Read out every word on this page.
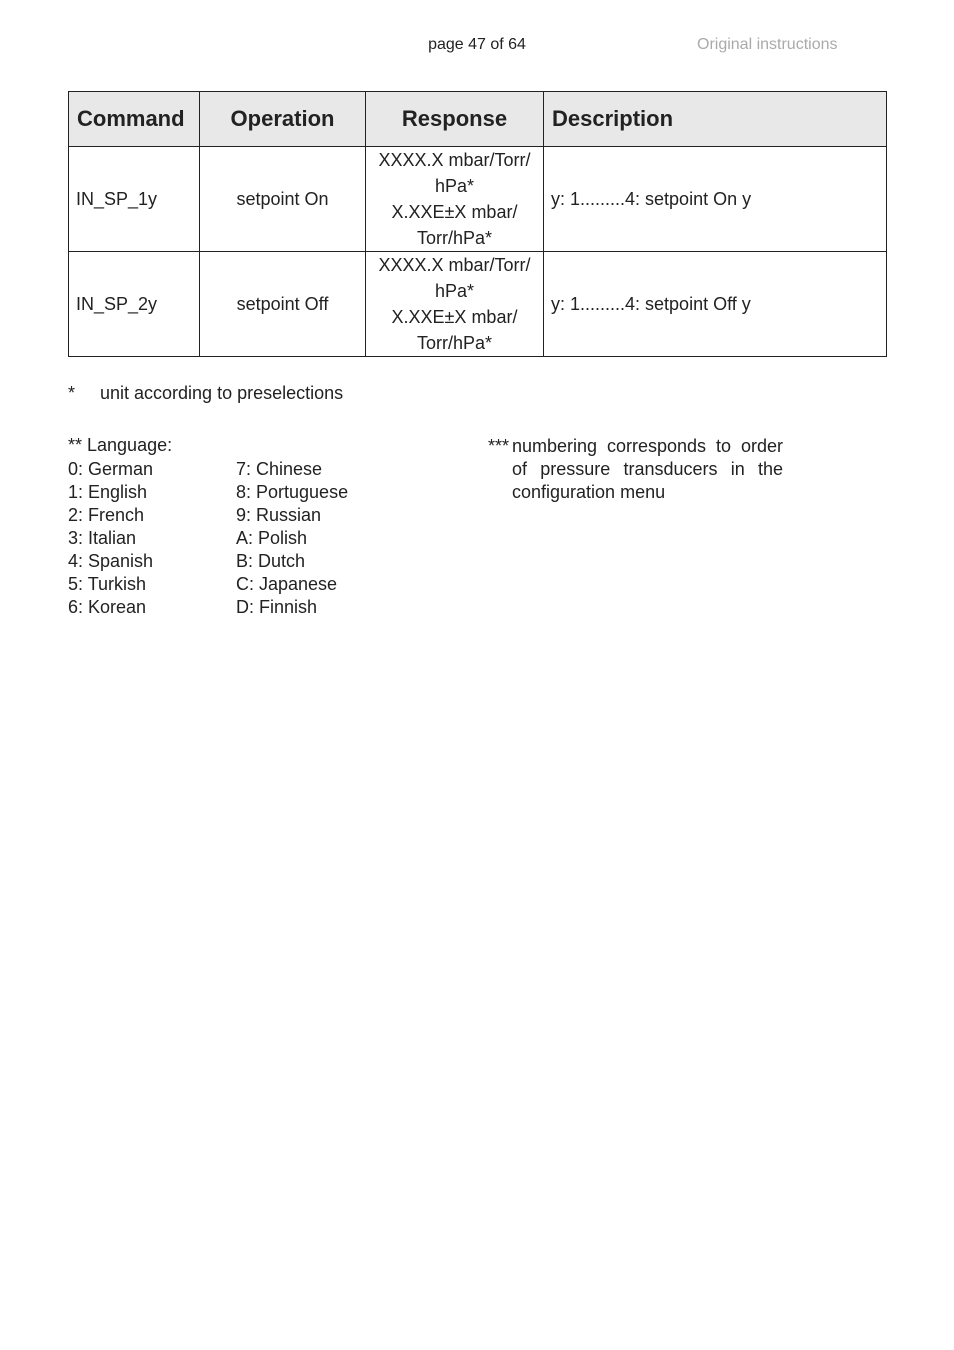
page 47 of 64	Original instructions
Command	Operation	Response	Description
IN_SP_1y	setpoint On	XXXX.X mbar/Torr/
hPa*
X.XXE±X mbar/
Torr/hPa*	y: 1.........4: setpoint On y
IN_SP_2y	setpoint Off	XXXX.X mbar/Torr/
hPa*
X.XXE±X mbar/
Torr/hPa*	y: 1.........4: setpoint Off y
* unit according to preselections
** Language:
0: German
1: English
2: French
3: Italian
4: Spanish
5: Turkish
6: Korean
7: Chinese
8: Portuguese
9: Russian
A: Polish
B: Dutch
C: Japanese
D: Finnish
*** numbering corresponds to order of pressure transducers in the configuration menu
